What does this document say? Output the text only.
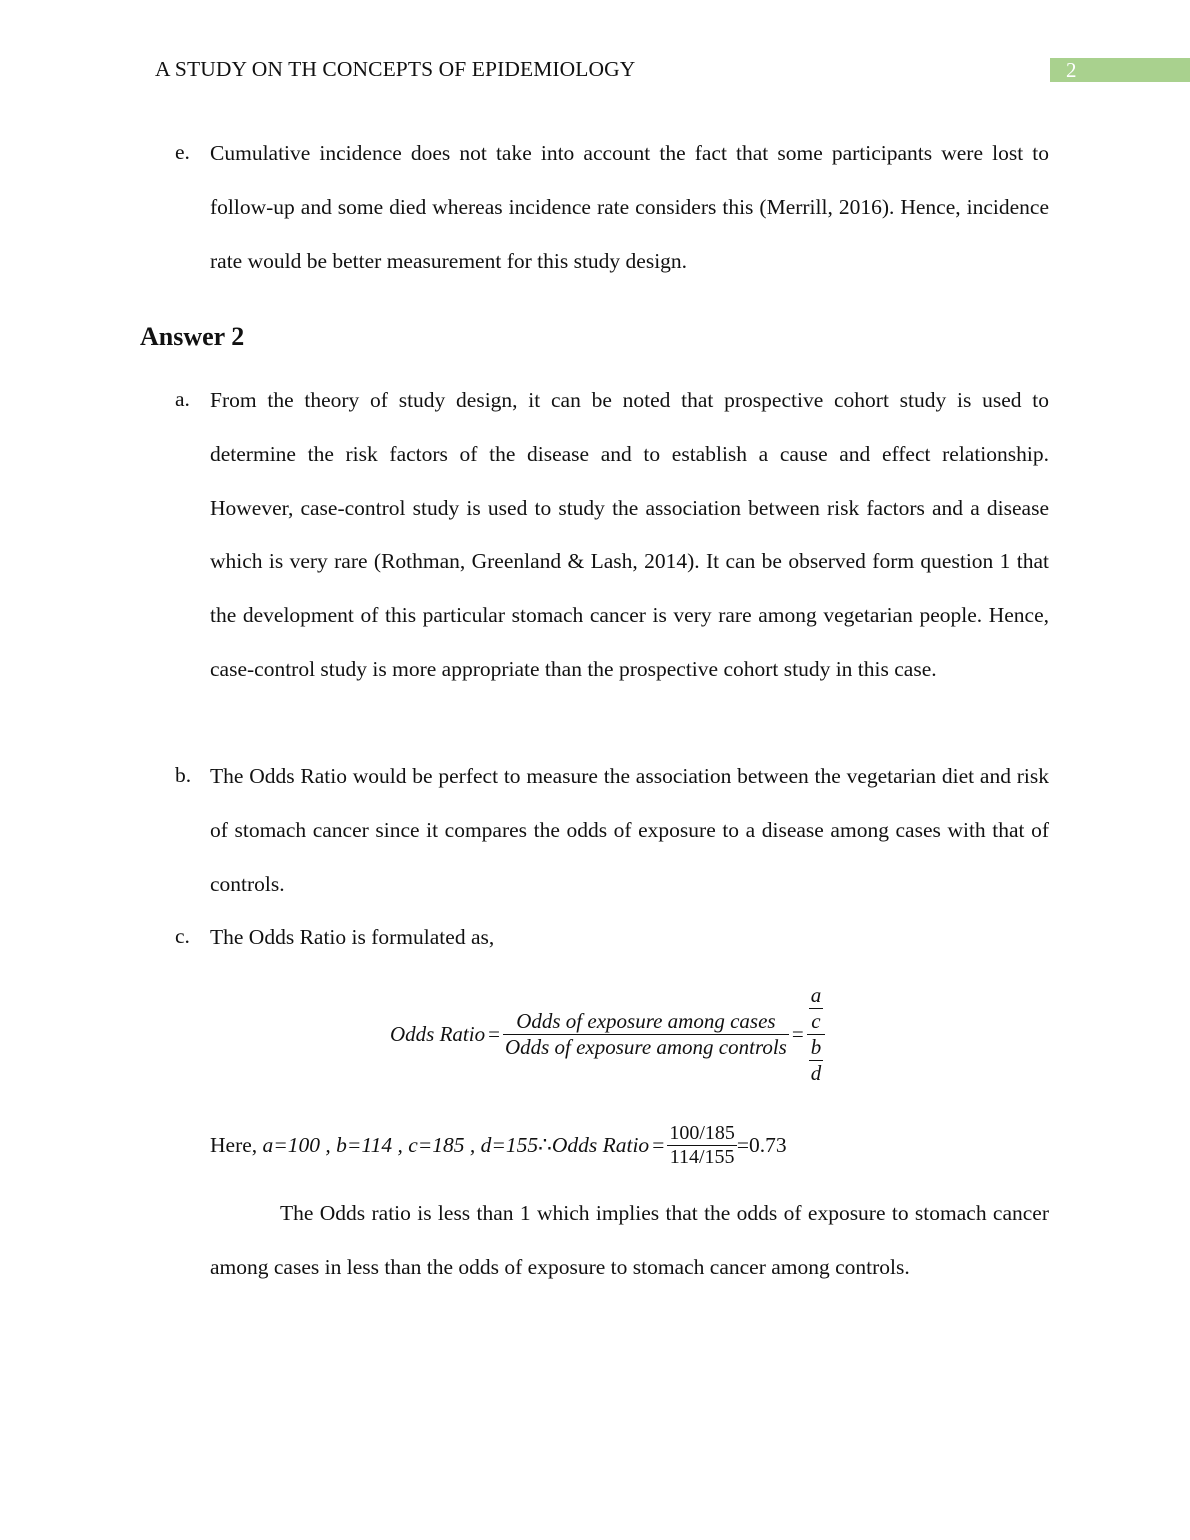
A STUDY ON TH CONCEPTS OF EPIDEMIOLOGY	2
e. Cumulative incidence does not take into account the fact that some participants were lost to follow-up and some died whereas incidence rate considers this (Merrill, 2016). Hence, incidence rate would be better measurement for this study design.
Answer 2
a. From the theory of study design, it can be noted that prospective cohort study is used to determine the risk factors of the disease and to establish a cause and effect relationship. However, case-control study is used to study the association between risk factors and a disease which is very rare (Rothman, Greenland & Lash, 2014). It can be observed form question 1 that the development of this particular stomach cancer is very rare among vegetarian people. Hence, case-control study is more appropriate than the prospective cohort study in this case.
b. The Odds Ratio would be perfect to measure the association between the vegetarian diet and risk of stomach cancer since it compares the odds of exposure to a disease among cases with that of controls.
c. The Odds Ratio is formulated as,
Odds Ratio = $\frac{\text{Odds of exposure among cases}}{\text{Odds of exposure among controls}} = \frac{\frac{a}{c}}{\frac{b}{d}}$
Here,
a=100 , b=114 , c=185 , d=155 ∴ Odds Ratio = $\frac{100/185}{114/155} =0.73$
The Odds ratio is less than 1 which implies that the odds of exposure to stomach cancer among cases in less than the odds of exposure to stomach cancer among controls.
